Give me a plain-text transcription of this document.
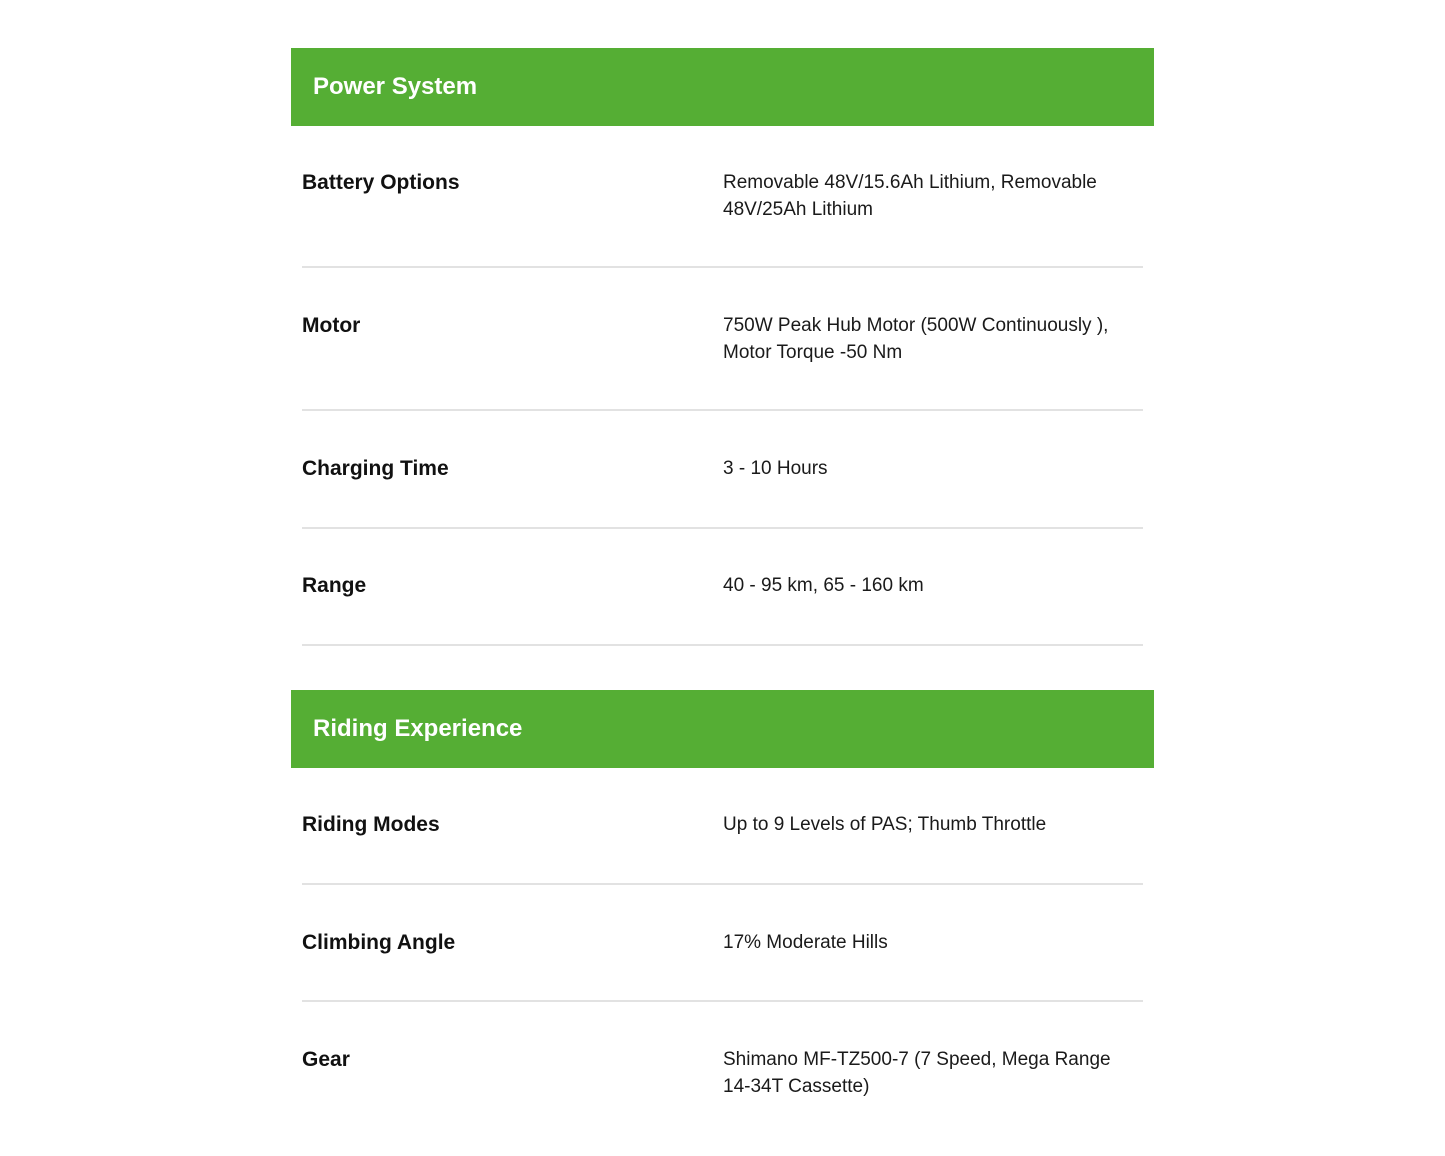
Power System
Battery Options	Removable 48V/15.6Ah Lithium, Removable 48V/25Ah Lithium
Motor	750W Peak Hub Motor (500W Continuously ), Motor Torque -50 Nm
Charging Time	3 - 10 Hours
Range	40 - 95 km, 65 - 160 km
Riding Experience
Riding Modes	Up to 9 Levels of PAS; Thumb Throttle
Climbing Angle	17% Moderate Hills
Gear	Shimano MF-TZ500-7 (7 Speed, Mega Range 14-34T Cassette)
